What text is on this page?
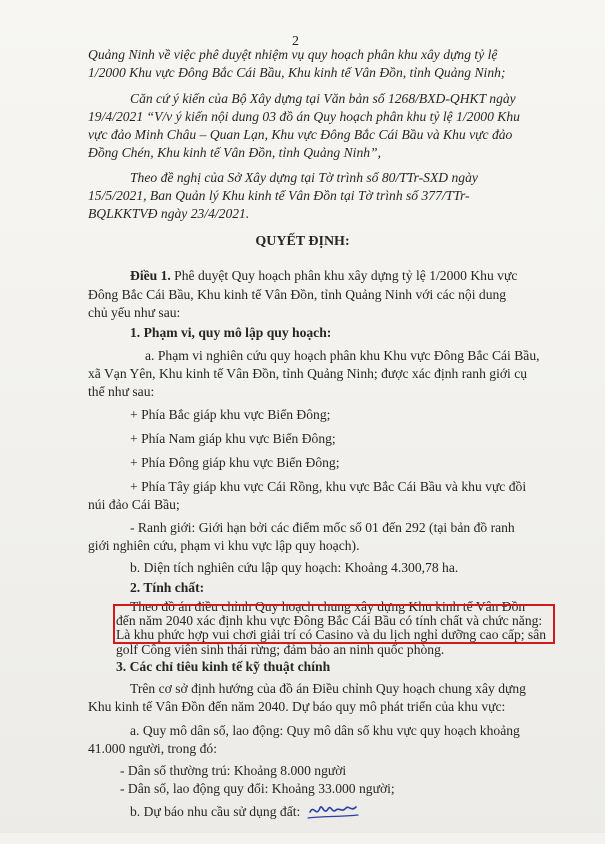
2
Quảng Ninh về việc phê duyệt nhiệm vụ quy hoạch phân khu xây dựng tỷ lệ
1/2000 Khu vực Đông Bắc Cái Bầu, Khu kinh tế Vân Đồn, tỉnh Quảng Ninh;
Căn cứ ý kiến của Bộ Xây dựng tại Văn bản số 1268/BXD-QHKT ngày
19/4/2021 “V/v ý kiến nội dung 03 đồ án Quy hoạch phân khu tỷ lệ 1/2000 Khu
vực đảo Minh Châu – Quan Lạn, Khu vực Đông Bắc Cái Bầu và Khu vực đảo
Đồng Chén, Khu kinh tế Vân Đồn, tỉnh Quảng Ninh”,
Theo đề nghị của Sở Xây dựng tại Tờ trình số 80/TTr-SXD ngày
15/5/2021, Ban Quản lý Khu kinh tế Vân Đồn tại Tờ trình số 377/TTr-
BQLKKTVĐ ngày 23/4/2021.
QUYẾT ĐỊNH:
Điều 1. Phê duyệt Quy hoạch phân khu xây dựng tỷ lệ 1/2000 Khu vực
Đông Bắc Cái Bầu, Khu kinh tế Vân Đồn, tỉnh Quảng Ninh với các nội dung
chủ yếu như sau:
1. Phạm vi, quy mô lập quy hoạch:
a. Phạm vi nghiên cứu quy hoạch phân khu Khu vực Đông Bắc Cái Bầu,
xã Vạn Yên, Khu kinh tế Vân Đồn, tỉnh Quảng Ninh; được xác định ranh giới cụ
thể như sau:
+ Phía Bắc giáp khu vực Biển Đông;
+ Phía Nam giáp khu vực Biển Đông;
+ Phía Đông giáp khu vực Biển Đông;
+ Phía Tây giáp khu vực Cái Rồng, khu vực Bắc Cái Bầu và khu vực đồi
núi đảo Cái Bầu;
- Ranh giới: Giới hạn bởi các điểm mốc số 01 đến 292 (tại bản đồ ranh
giới nghiên cứu, phạm vi khu vực lập quy hoạch).
b. Diện tích nghiên cứu lập quy hoạch: Khoảng 4.300,78 ha.
2. Tính chất:
Theo đồ án điều chỉnh Quy hoạch chung xây dựng Khu kinh tế Vân Đồn
đến năm 2040 xác định khu vực Đông Bắc Cái Bầu có tính chất và chức năng:
Là khu phức hợp vui chơi giải trí có Casino và du lịch nghỉ dưỡng cao cấp; sân
golf Công viên sinh thái rừng; đảm bảo an ninh quốc phòng.
3. Các chỉ tiêu kinh tế kỹ thuật chính
Trên cơ sở định hướng của đồ án Điều chỉnh Quy hoạch chung xây dựng
Khu kinh tế Vân Đồn đến năm 2040. Dự báo quy mô phát triển của khu vực:
a. Quy mô dân số, lao động: Quy mô dân số khu vực quy hoạch khoảng
41.000 người, trong đó:
- Dân số thường trú: Khoảng 8.000 người
- Dân số, lao động quy đổi: Khoảng 33.000 người;
b. Dự báo nhu cầu sử dụng đất:
